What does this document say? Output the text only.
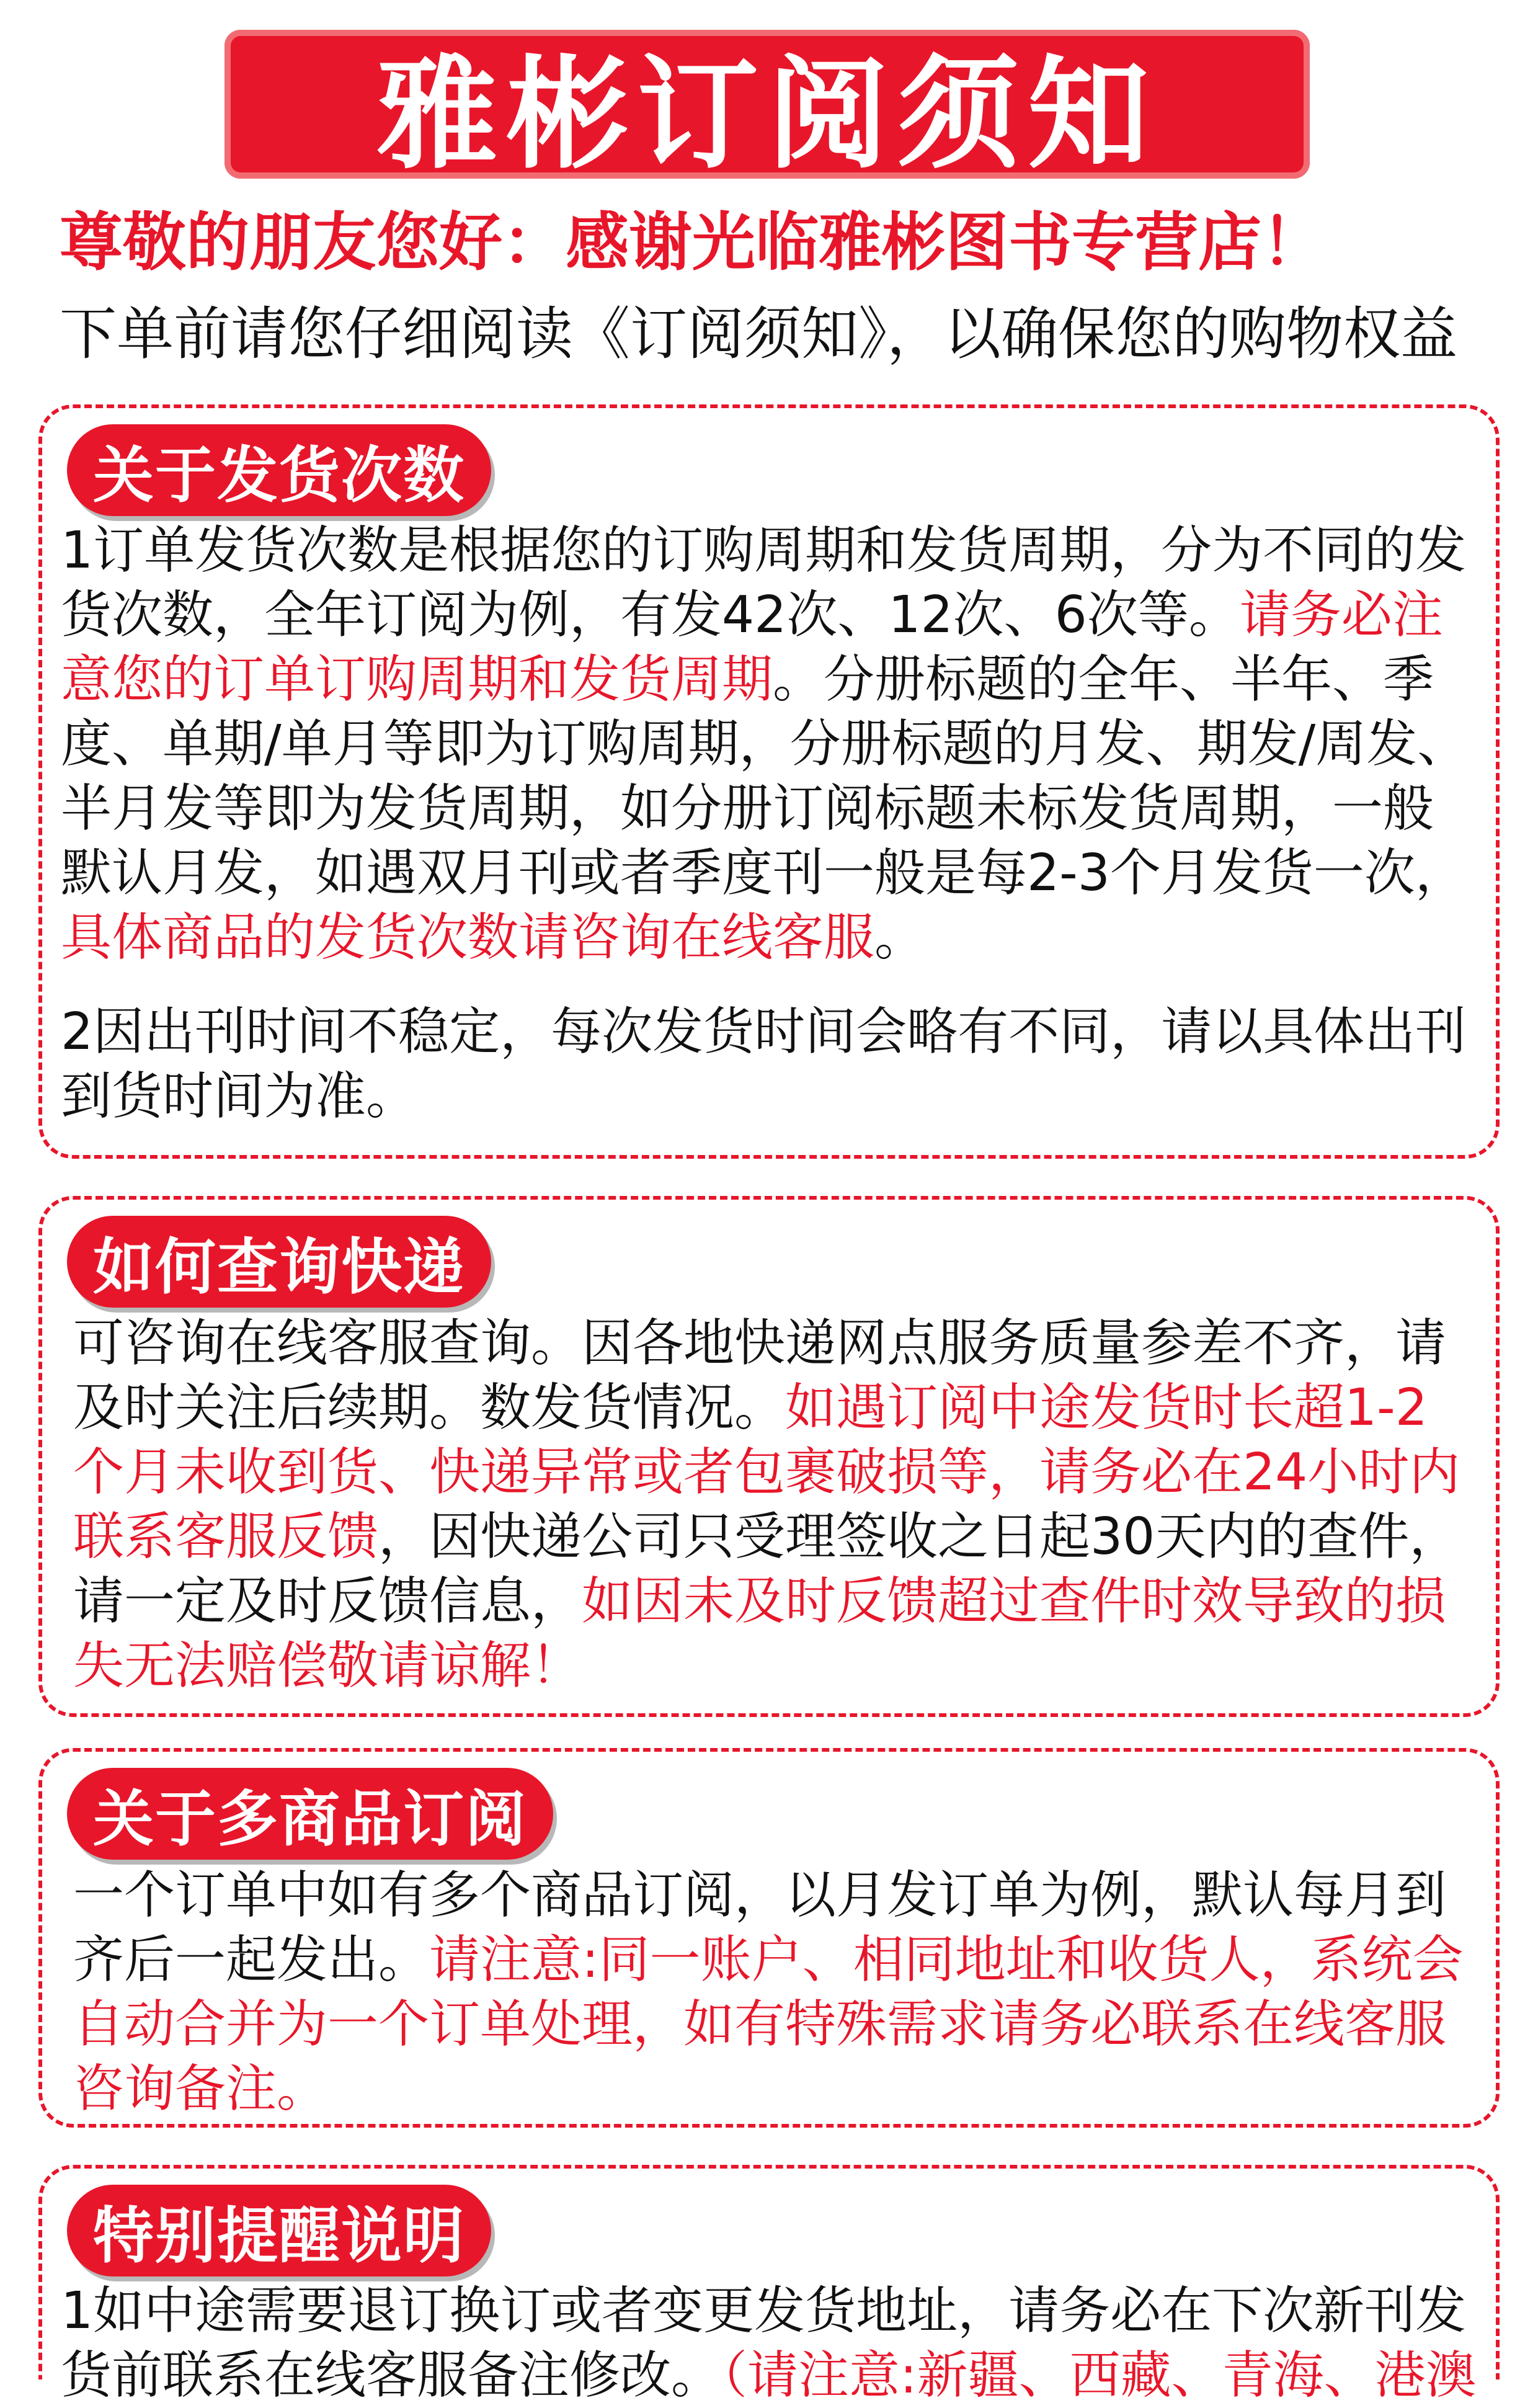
雅彬订阅须知
尊敬的朋友您好：感谢光临雅彬图书专营店！
下单前请您仔细阅读《订阅须知》，以确保您的购物权益
关于发货次数

1订单发货次数是根据您的订购周期和发货周期，分为不同的发货次数，全年订阅为例，有发42次、12次、6次等。请务必注意您的订单订购周期和发货周期。分册标题的全年、半年、季度、单期/单月等即为订购周期，分册标题的月发、期发/周发、半月发等即为发货周期，如分册订阅标题未标发货周期，一般默认月发，如遇双月刊或者季度刊一般是每2-3个月发货一次，具体商品的发货次数请咨询在线客服。

2因出刊时间不稳定，每次发货时间会略有不同，请以具体出刊到货时间为准。

如何查询快递

可咨询在线客服查询。因各地快递网点服务质量参差不齐，请及时关注后续期。数发货情况。如遇订阅中途发货时长超1-2个月未收到货、快递异常或者包裹破损等，请务必在24小时内联系客服反馈，因快递公司只受理签收之日起30天内的查件，请一定及时反馈信息，如因未及时反馈超过查件时效导致的损失无法赔偿敬请谅解！

关于多商品订阅

一个订单中如有多个商品订阅，以月发订单为例，默认每月到齐后一起发出。请注意:同一账户、相同地址和收货人，系统会自动合并为一个订单处理，如有特殊需求请务必联系在线客服咨询备注。

特别提醒说明

1如中途需要退订换订或者变更发货地址，请务必在下次新刊发货前联系在线客服备注修改。（请注意:新疆、西藏、青海、港澳
